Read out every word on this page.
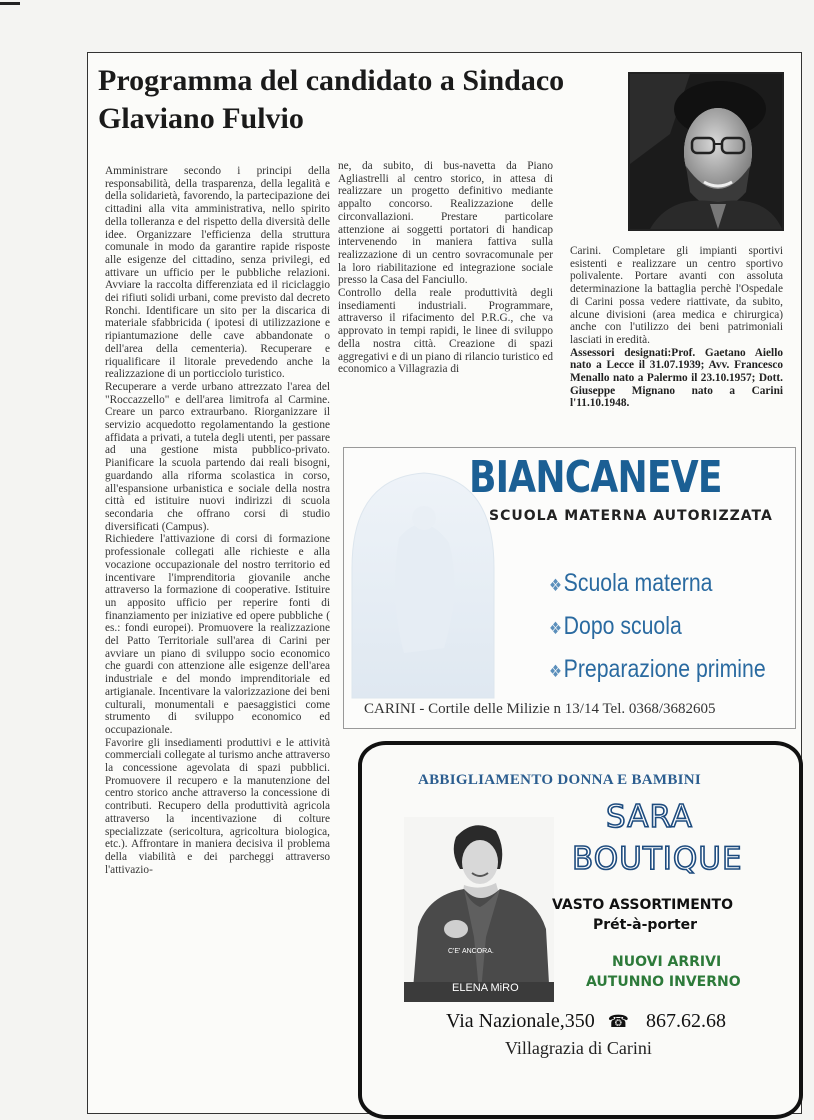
Programma del candidato a Sindaco
Glaviano Fulvio

Amministrare secondo i principi della responsabilità, della trasparenza, della legalità e della solidarietà, favorendo, la partecipazione dei cittadini alla vita amministrativa, nello spirito della tolleranza e del rispetto della diversità delle idee. Organizzare l'efficienza della struttura comunale in modo da garantire rapide risposte alle esigenze del cittadino, senza privilegi, ed attivare un ufficio per le pubbliche relazioni. Avviare la raccolta differenziata ed il riciclaggio dei rifiuti solidi urbani, come previsto dal decreto Ronchi. Identificare un sito per la discarica di materiale sfabbricida ( ipotesi di utilizzazione e ripiantumazione delle cave abbandonate o dell'area della cementeria). Recuperare e riqualificare il litorale prevedendo anche la realizzazione di un porticciolo turistico.

Recuperare a verde urbano attrezzato l'area del "Roccazzello" e dell'area limitrofa al Carmine. Creare un parco extraurbano. Riorganizzare il servizio acquedotto regolamentando la gestione affidata a privati, a tutela degli utenti, per passare ad una gestione mista pubblico-privato. Pianificare la scuola partendo dai reali bisogni, guardando alla riforma scolastica in corso, all'espansione urbanistica e sociale della nostra città ed istituire nuovi indirizzi di scuola secondaria che offrano corsi di studio diversificati (Campus).

Richiedere l'attivazione di corsi di formazione professionale collegati alle richieste e alla vocazione occupazionale del nostro territorio ed incentivare l'imprenditoria giovanile anche attraverso la formazione di cooperative. Istituire un apposito ufficio per reperire fonti di finanziamento per iniziative ed opere pubbliche ( es.: fondi europei). Promuovere la realizzazione del Patto Territoriale sull'area di Carini per avviare un piano di sviluppo socio economico che guardi con attenzione alle esigenze dell'area industriale e del mondo imprenditoriale ed artigianale. Incentivare la valorizzazione dei beni culturali, monumentali e paesaggistici come strumento di sviluppo economico ed occupazionale.

Favorire gli insediamenti produttivi e le attività commerciali collegate al turismo anche attraverso la concessione agevolata di spazi pubblici. Promuovere il recupero e la manutenzione del centro storico anche attraverso la concessione di contributi. Recupero della produttività agricola attraverso la incentivazione di colture specializzate (sericoltura, agricoltura biologica, etc.). Affrontare in maniera decisiva il problema della viabilità e dei parcheggi attraverso l'attivazio-

ne, da subito, di bus-navetta da Piano Agliastrelli al centro storico, in attesa di realizzare un progetto definitivo mediante appalto concorso. Realizzazione delle circonvallazioni. Prestare particolare attenzione ai soggetti portatori di handicap intervenendo in maniera fattiva sulla realizzazione di un centro sovracomunale per la loro riabilitazione ed integrazione sociale presso la Casa del Fanciullo.

Controllo della reale produttività degli insediamenti industriali. Programmare, attraverso il rifacimento del P.R.G., che va approvato in tempi rapidi, le linee di sviluppo della nostra città. Creazione di spazi aggregativi e di un piano di rilancio turistico ed economico a Villagrazia di

Carini. Completare gli impianti sportivi esistenti e realizzare un centro sportivo polivalente. Portare avanti con assoluta determinazione la battaglia perchè l'Ospedale di Carini possa vedere riattivate, da subito, alcune divisioni (area medica e chirurgica) anche con l'utilizzo dei beni patrimoniali lasciati in eredità.

Assessori designati:Prof. Gaetano Aiello nato a Lecce il 31.07.1939; Avv. Francesco Menallo nato a Palermo il 23.10.1957; Dott. Giuseppe Mignano nato a Carini l'11.10.1948.

BIANCANEVE
SCUOLA MATERNA AUTORIZZATA
❖Scuola materna
❖Dopo scuola
❖Preparazione primine
CARINI - Cortile delle Milizie n 13/14 Tel. 0368/3682605
ABBIGLIAMENTO DONNA E BAMBINI
C'E' ANCORA.
ELENA MiRO
SARA
BOUTIQUE
VASTO ASSORTIMENTO
Prét-à-porter
NUOVI ARRIVI
AUTUNNO INVERNO
Via Nazionale,350 ☎ 867.62.68
Villagrazia di Carini
